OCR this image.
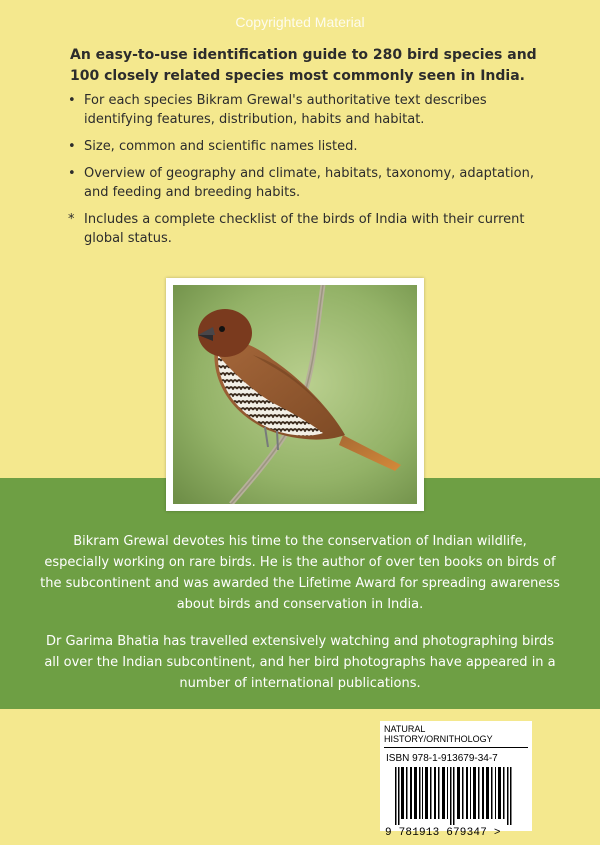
Copyrighted Material

An easy-to-use identification guide to 280 bird species and 100 closely related species most commonly seen in India.

• For each species Bikram Grewal's authoritative text describes identifying features, distribution, habits and habitat.
• Size, common and scientific names listed.
• Overview of geography and climate, habitats, taxonomy, adaptation, and feeding and breeding habits.
* Includes a complete checklist of the birds of India with their current global status.

Bikram Grewal devotes his time to the conservation of Indian wildlife, especially working on rare birds. He is the author of over ten books on birds of the subcontinent and was awarded the Lifetime Award for spreading awareness about birds and conservation in India.

Dr Garima Bhatia has travelled extensively watching and photographing birds all over the Indian subcontinent, and her bird photographs have appeared in a number of international publications.

NATURAL HISTORY/ORNITHOLOGY
ISBN 978-1-913679-34-7
9 781913 679347 >
